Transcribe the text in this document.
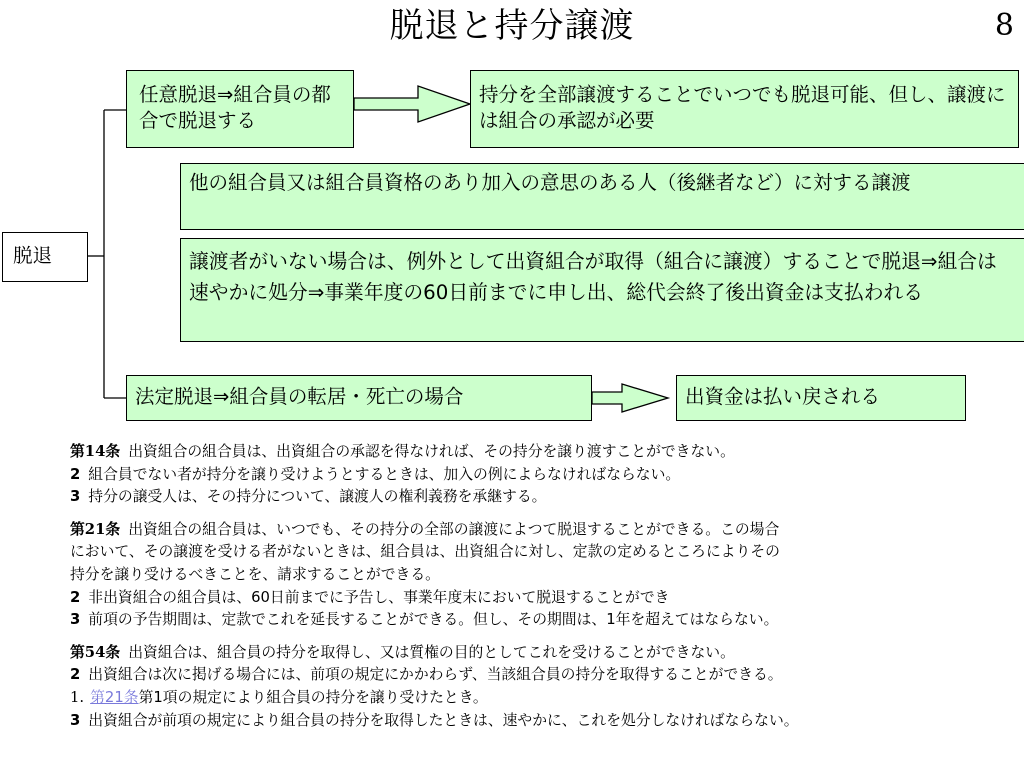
脱退と持分譲渡	8
脱退
任意脱退⇒組合員の都合で脱退する
持分を全部譲渡することでいつでも脱退可能、但し、譲渡には組合の承認が必要
他の組合員又は組合員資格のあり加入の意思のある人（後継者など）に対する譲渡
譲渡者がいない場合は、例外として出資組合が取得（組合に譲渡）することで脱退⇒組合は速やかに処分⇒事業年度の60日前までに申し出、総代会終了後出資金は支払われる
法定脱退⇒組合員の転居・死亡の場合	出資金は払い戻される
第14条 出資組合の組合員は、出資組合の承認を得なければ、その持分を譲り渡すことができない。
2 組合員でない者が持分を譲り受けようとするときは、加入の例によらなければならない。
3 持分の譲受人は、その持分について、譲渡人の権利義務を承継する。
第21条 出資組合の組合員は、いつでも、その持分の全部の譲渡によつて脱退することができる。この場合
において、その譲渡を受ける者がないときは、組合員は、出資組合に対し、定款の定めるところによりその
持分を譲り受けるべきことを、請求することができる。
2 非出資組合の組合員は、60日前までに予告し、事業年度末において脱退することができ
3 前項の予告期間は、定款でこれを延長することができる。但し、その期間は、1年を超えてはならない。
第54条 出資組合は、組合員の持分を取得し、又は質権の目的としてこれを受けることができない。
2 出資組合は次に掲げる場合には、前項の規定にかかわらず、当該組合員の持分を取得することができる。
1. 第21条第1項の規定により組合員の持分を譲り受けたとき。
3 出資組合が前項の規定により組合員の持分を取得したときは、速やかに、これを処分しなければならない。
